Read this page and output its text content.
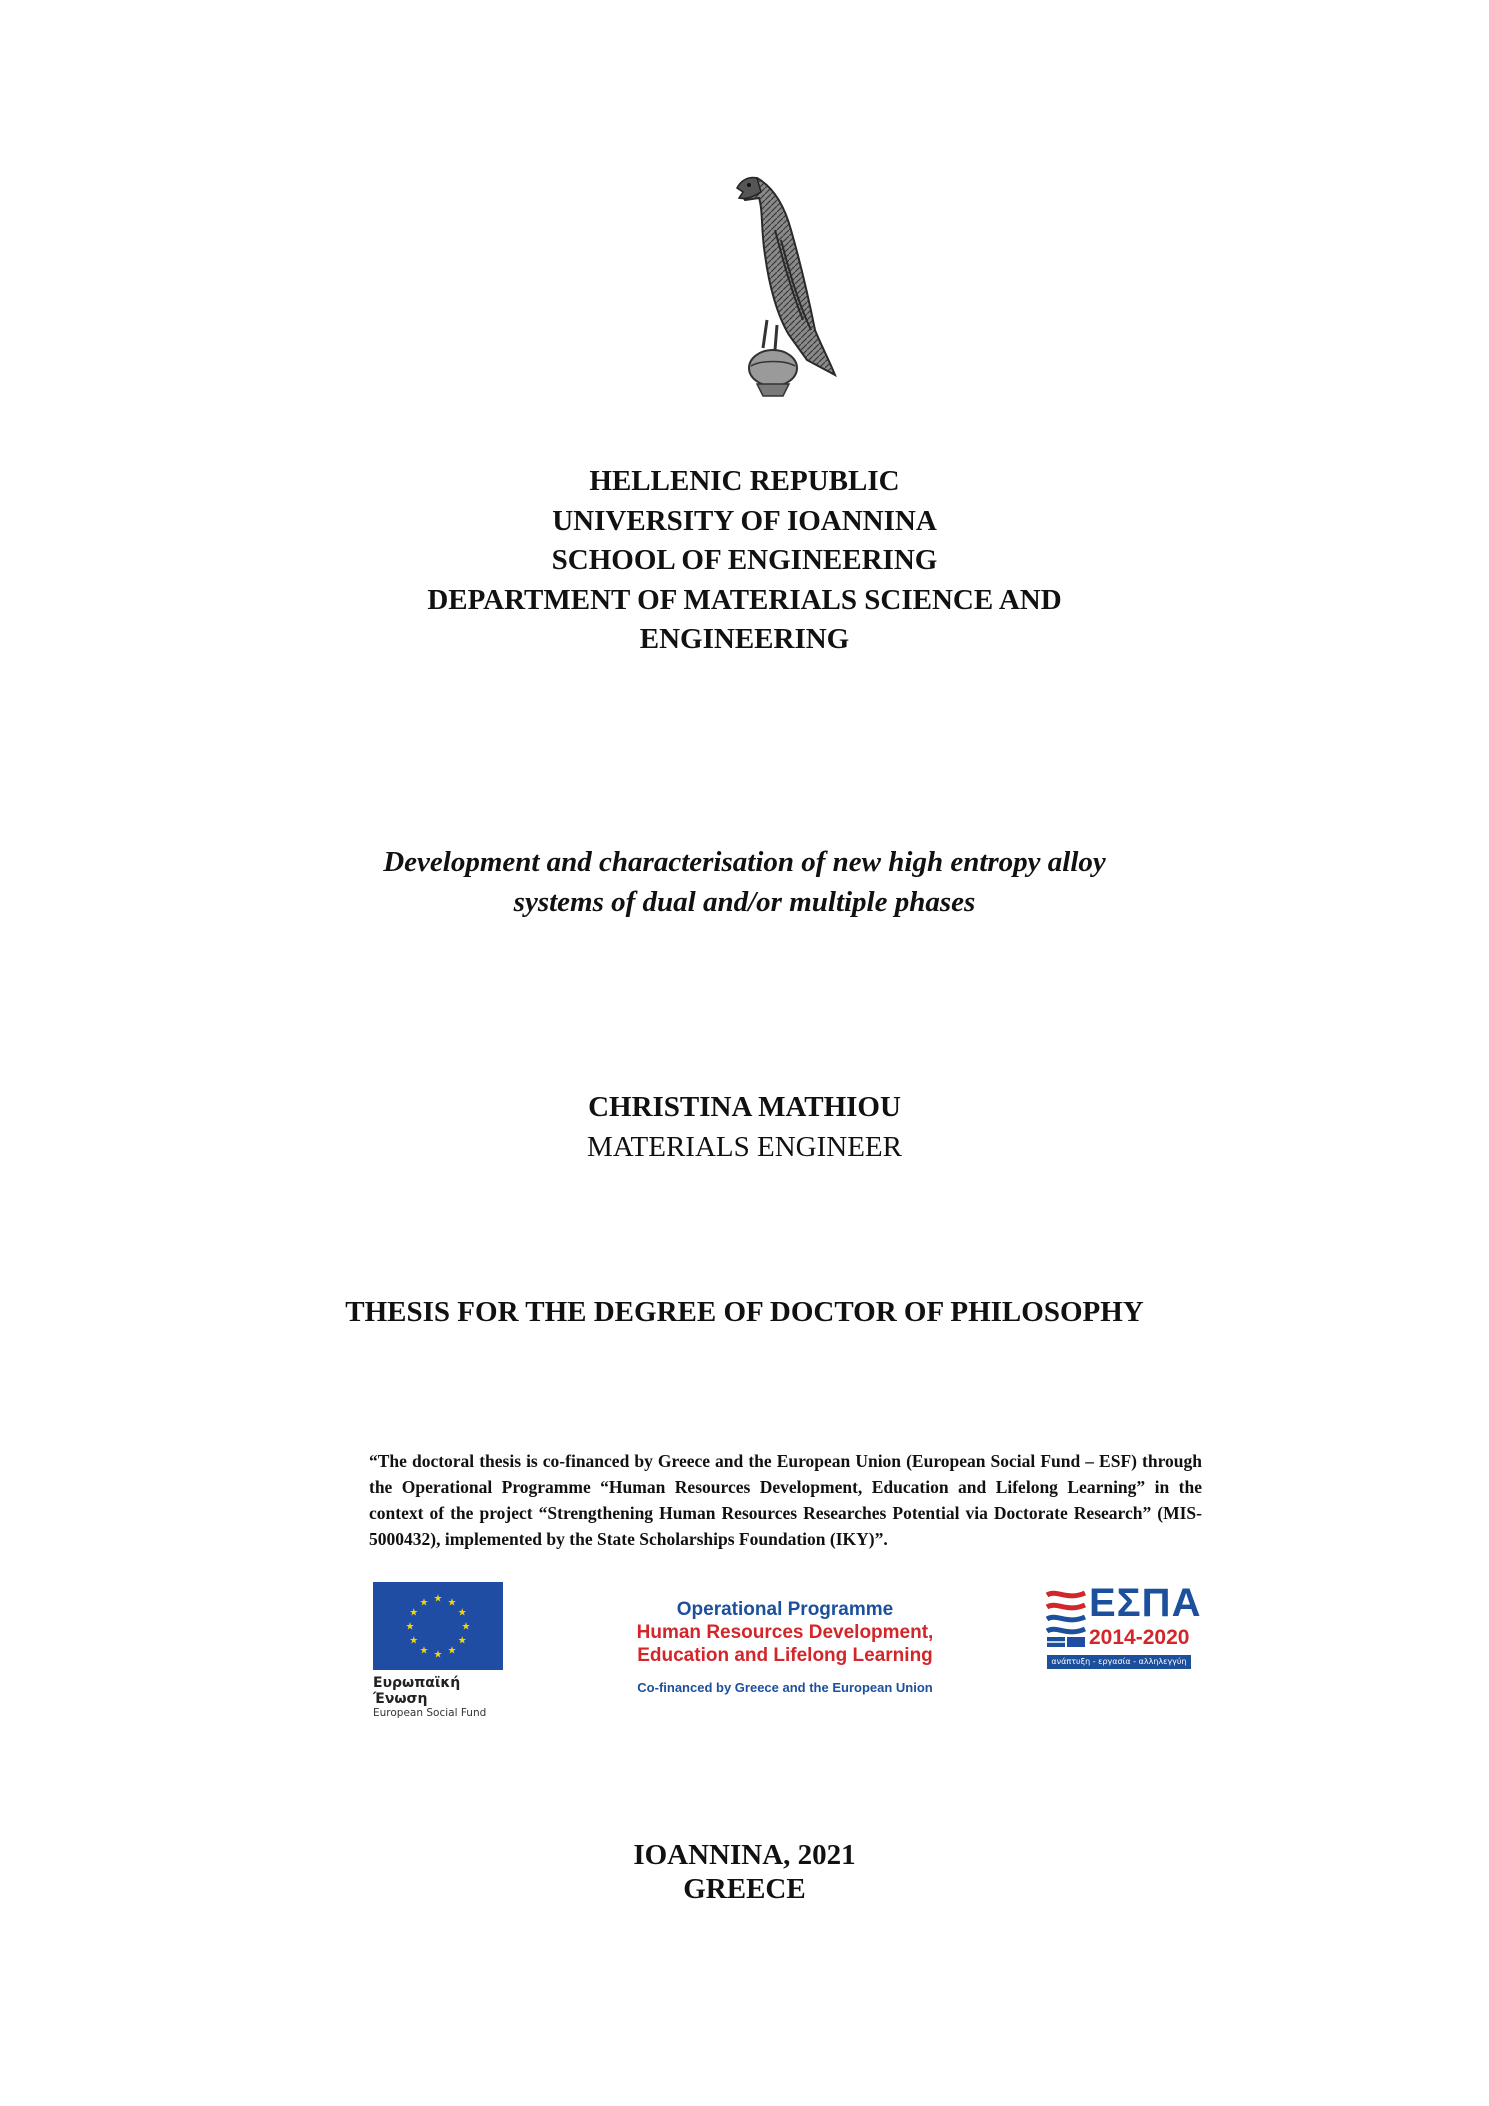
HELLENIC REPUBLIC
UNIVERSITY OF IOANNINA
SCHOOL OF ENGINEERING
DEPARTMENT OF MATERIALS SCIENCE AND
ENGINEERING
Development and characterisation of new high entropy alloy
systems of dual and/or multiple phases
CHRISTINA MATHIOU
MATERIALS ENGINEER
THESIS FOR THE DEGREE OF DOCTOR OF PHILOSOPHY
“The doctoral thesis is co-financed by Greece and the European Union (European Social Fund – ESF) through the Operational Programme “Human Resources Development, Education and Lifelong Learning” in the context of the project “Strengthening Human Resources Researches Potential via Doctorate Research” (MIS-5000432), implemented by the State Scholarships Foundation (IKY)”.
★ ★
★
★
★
★
★
★
★
★
★
★
Ευρωπαϊκή Ένωση
European Social Fund
Operational Programme
Human Resources Development,
Education and Lifelong Learning
Co-financed by Greece and the European Union
ΕΣΠΑ
2014-2020
ανάπτυξη - εργασία - αλληλεγγύη
IOANNINA, 2021
GREECE
